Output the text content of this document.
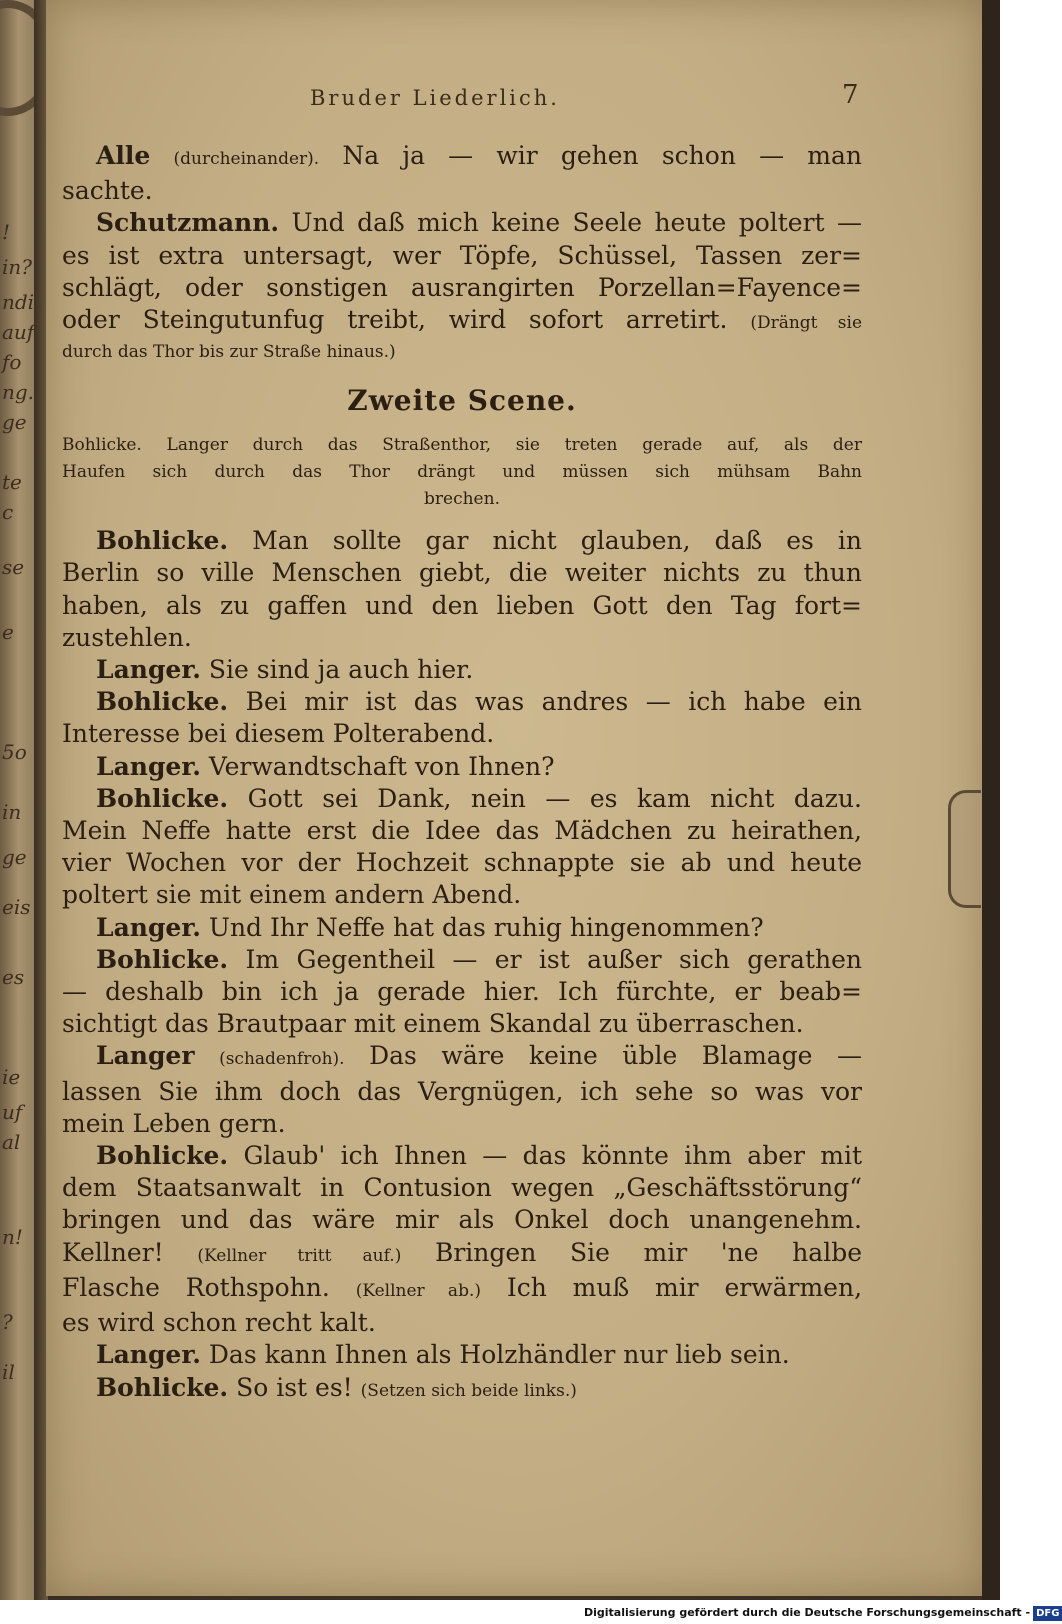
!
in?
ndi
auf
fo
ng.
ge
te
c
se
e
5o
in
ge
eis
es
ie
uf
al
n!
?
il
Bruder Liederlich.	7

Alle (durcheinander). Na ja — wir gehen schon — man

sachte.

Schutzmann. Und daß mich keine Seele heute poltert —

es ist extra untersagt, wer Töpfe, Schüssel, Tassen zer=

schlägt, oder sonstigen ausrangirten Porzellan=Fayence=

oder Steingutunfug treibt, wird sofort arretirt. (Drängt sie

durch das Thor bis zur Straße hinaus.)

Zweite Scene.
Bohlicke. Langer durch das Straßenthor, sie treten gerade auf, als der
Haufen sich durch das Thor drängt und müssen sich mühsam Bahn
brechen.

Bohlicke. Man sollte gar nicht glauben, daß es in

Berlin so ville Menschen giebt, die weiter nichts zu thun

haben, als zu gaffen und den lieben Gott den Tag fort=

zustehlen.

Langer. Sie sind ja auch hier.

Bohlicke. Bei mir ist das was andres — ich habe ein

Interesse bei diesem Polterabend.

Langer. Verwandtschaft von Ihnen?

Bohlicke. Gott sei Dank, nein — es kam nicht dazu.

Mein Neffe hatte erst die Idee das Mädchen zu heirathen,

vier Wochen vor der Hochzeit schnappte sie ab und heute

poltert sie mit einem andern Abend.

Langer. Und Ihr Neffe hat das ruhig hingenommen?

Bohlicke. Im Gegentheil — er ist außer sich gerathen

— deshalb bin ich ja gerade hier. Ich fürchte, er beab=

sichtigt das Brautpaar mit einem Skandal zu überraschen.

Langer (schadenfroh). Das wäre keine üble Blamage —

lassen Sie ihm doch das Vergnügen, ich sehe so was vor

mein Leben gern.

Bohlicke. Glaub' ich Ihnen — das könnte ihm aber mit

dem Staatsanwalt in Contusion wegen „Geschäftsstörung“

bringen und das wäre mir als Onkel doch unangenehm.

Kellner! (Kellner tritt auf.) Bringen Sie mir 'ne halbe

Flasche Rothspohn. (Kellner ab.) Ich muß mir erwärmen,

es wird schon recht kalt.

Langer. Das kann Ihnen als Holzhändler nur lieb sein.

Bohlicke. So ist es! (Setzen sich beide links.)

Digitalisierung gefördert durch die Deutsche Forschungsgemeinschaft - DFG
